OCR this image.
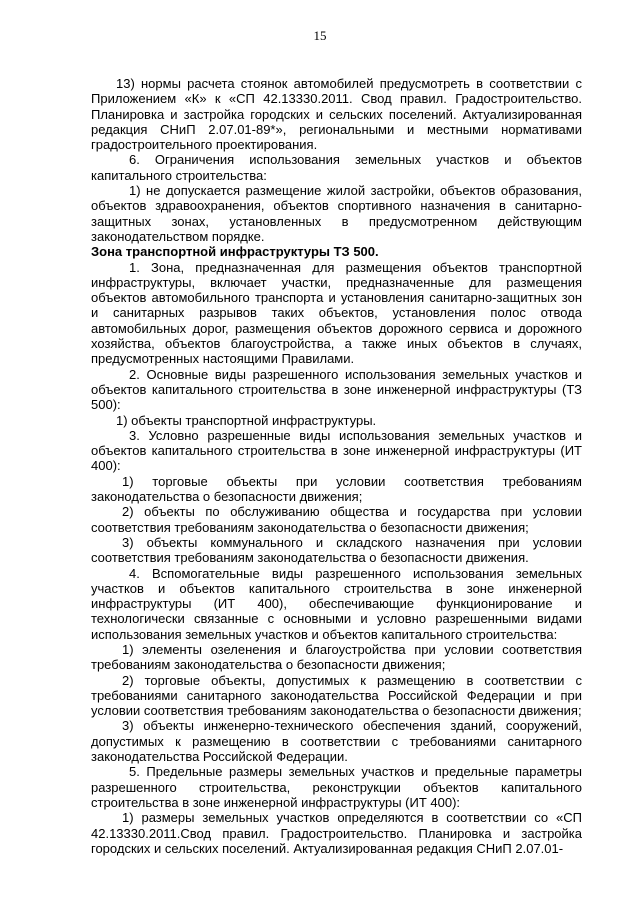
15

13) нормы расчета стоянок автомобилей предусмотреть в соответствии с Приложением «К» к «СП 42.13330.2011. Свод правил. Градостроительство. Планировка и застройка городских и сельских поселений. Актуализированная редакция СНиП 2.07.01-89*», региональными и местными нормативами градостроительного проектирования.

6. Ограничения использования земельных участков и объектов капитального строительства:

1) не допускается размещение жилой застройки, объектов образования, объектов здравоохранения, объектов спортивного назначения в санитарно-защитных зонах, установленных в предусмотренном действующим законодательством порядке.

Зона транспортной инфраструктуры ТЗ 500.

1. Зона, предназначенная для размещения объектов транспортной инфраструктуры, включает участки, предназначенные для размещения объектов автомобильного транспорта и установления санитарно-защитных зон и санитарных разрывов таких объектов, установления полос отвода автомобильных дорог, размещения объектов дорожного сервиса и дорожного хозяйства, объектов благоустройства, а также иных объектов в случаях, предусмотренных настоящими Правилами.

2. Основные виды разрешенного использования земельных участков и объектов капитального строительства в зоне инженерной инфраструктуры (ТЗ 500):

1) объекты транспортной инфраструктуры.

3. Условно разрешенные виды использования земельных участков и объектов капитального строительства в зоне инженерной инфраструктуры (ИТ 400):

1) торговые объекты при условии соответствия требованиям законодательства о безопасности движения;

2) объекты по обслуживанию общества и государства при условии соответствия требованиям законодательства о безопасности движения;

3) объекты коммунального и складского назначения при условии соответствия требованиям законодательства о безопасности движения.

4. Вспомогательные виды разрешенного использования земельных участков и объектов капитального строительства в зоне инженерной инфраструктуры (ИТ 400), обеспечивающие функционирование и технологически связанные с основными и условно разрешенными видами использования земельных участков и объектов капитального строительства:

1) элементы озеленения и благоустройства при условии соответствия требованиям законодательства о безопасности движения;

2) торговые объекты, допустимых к размещению в соответствии с требованиями санитарного законодательства Российской Федерации и при условии соответствия требованиям законодательства о безопасности движения;

3) объекты инженерно-технического обеспечения зданий, сооружений, допустимых к размещению в соответствии с требованиями санитарного законодательства Российской Федерации.

5. Предельные размеры земельных участков и предельные параметры разрешенного строительства, реконструкции объектов капитального строительства в зоне инженерной инфраструктуры (ИТ 400):

1) размеры земельных участков определяются в соответствии со «СП 42.13330.2011.Свод правил. Градостроительство. Планировка и застройка городских и сельских поселений. Актуализированная редакция СНиП 2.07.01-
